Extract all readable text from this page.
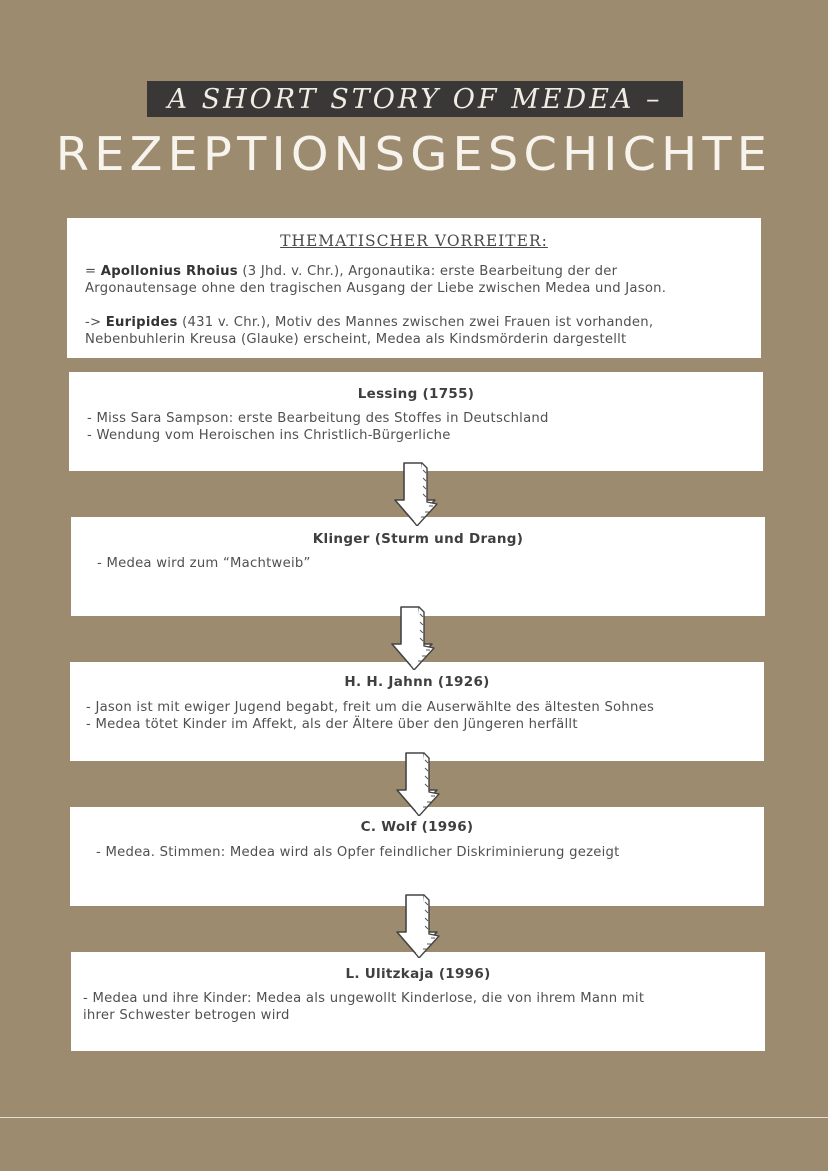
A SHORT STORY OF MEDEA –
REZEPTIONSGESCHICHTE
THEMATISCHER VORREITER:
= Apollonius Rhoius (3 Jhd. v. Chr.), Argonautika: erste Bearbeitung der der
Argonautensage ohne den tragischen Ausgang der Liebe zwischen Medea und Jason.
-> Euripides (431 v. Chr.), Motiv des Mannes zwischen zwei Frauen ist vorhanden,
Nebenbuhlerin Kreusa (Glauke) erscheint, Medea als Kindsmörderin dargestellt
Lessing (1755)
- Miss Sara Sampson: erste Bearbeitung des Stoffes in Deutschland
- Wendung vom Heroischen ins Christlich-Bürgerliche
Klinger (Sturm und Drang)
- Medea wird zum “Machtweib”
H. H. Jahnn (1926)
- Jason ist mit ewiger Jugend begabt, freit um die Auserwählte des ältesten Sohnes
- Medea tötet Kinder im Affekt, als der Ältere über den Jüngeren herfällt
C. Wolf (1996)
- Medea. Stimmen: Medea wird als Opfer feindlicher Diskriminierung gezeigt
L. Ulitzkaja (1996)
- Medea und ihre Kinder: Medea als ungewollt Kinderlose, die von ihrem Mann mit
ihrer Schwester betrogen wird
